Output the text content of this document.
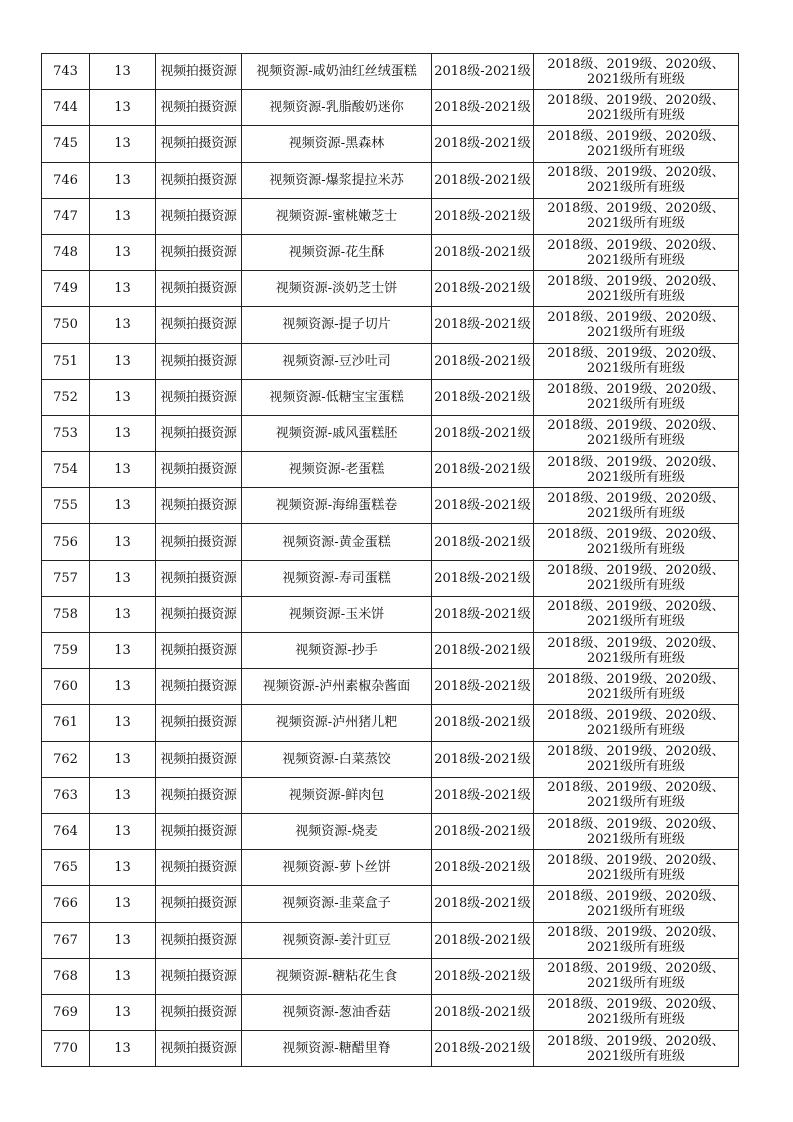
743	13	视频拍摄资源	视频资源-咸奶油红丝绒蛋糕	2018级-2021级	2018级、2019级、2020级、
2021级所有班级

744	13	视频拍摄资源	视频资源-乳脂酸奶迷你	2018级-2021级	2018级、2019级、2020级、
2021级所有班级

745	13	视频拍摄资源	视频资源-黑森林	2018级-2021级	2018级、2019级、2020级、
2021级所有班级

746	13	视频拍摄资源	视频资源-爆浆提拉米苏	2018级-2021级	2018级、2019级、2020级、
2021级所有班级

747	13	视频拍摄资源	视频资源-蜜桃嫩芝士	2018级-2021级	2018级、2019级、2020级、
2021级所有班级

748	13	视频拍摄资源	视频资源-花生酥	2018级-2021级	2018级、2019级、2020级、
2021级所有班级

749	13	视频拍摄资源	视频资源-淡奶芝士饼	2018级-2021级	2018级、2019级、2020级、
2021级所有班级

750	13	视频拍摄资源	视频资源-提子切片	2018级-2021级	2018级、2019级、2020级、
2021级所有班级

751	13	视频拍摄资源	视频资源-豆沙吐司	2018级-2021级	2018级、2019级、2020级、
2021级所有班级

752	13	视频拍摄资源	视频资源-低糖宝宝蛋糕	2018级-2021级	2018级、2019级、2020级、
2021级所有班级

753	13	视频拍摄资源	视频资源-戚风蛋糕胚	2018级-2021级	2018级、2019级、2020级、
2021级所有班级

754	13	视频拍摄资源	视频资源-老蛋糕	2018级-2021级	2018级、2019级、2020级、
2021级所有班级

755	13	视频拍摄资源	视频资源-海绵蛋糕卷	2018级-2021级	2018级、2019级、2020级、
2021级所有班级

756	13	视频拍摄资源	视频资源-黄金蛋糕	2018级-2021级	2018级、2019级、2020级、
2021级所有班级

757	13	视频拍摄资源	视频资源-寿司蛋糕	2018级-2021级	2018级、2019级、2020级、
2021级所有班级

758	13	视频拍摄资源	视频资源-玉米饼	2018级-2021级	2018级、2019级、2020级、
2021级所有班级

759	13	视频拍摄资源	视频资源-抄手	2018级-2021级	2018级、2019级、2020级、
2021级所有班级

760	13	视频拍摄资源	视频资源-泸州素椒杂酱面	2018级-2021级	2018级、2019级、2020级、
2021级所有班级

761	13	视频拍摄资源	视频资源-泸州猪儿粑	2018级-2021级	2018级、2019级、2020级、
2021级所有班级

762	13	视频拍摄资源	视频资源-白菜蒸饺	2018级-2021级	2018级、2019级、2020级、
2021级所有班级

763	13	视频拍摄资源	视频资源-鲜肉包	2018级-2021级	2018级、2019级、2020级、
2021级所有班级

764	13	视频拍摄资源	视频资源-烧麦	2018级-2021级	2018级、2019级、2020级、
2021级所有班级

765	13	视频拍摄资源	视频资源-萝卜丝饼	2018级-2021级	2018级、2019级、2020级、
2021级所有班级

766	13	视频拍摄资源	视频资源-韭菜盒子	2018级-2021级	2018级、2019级、2020级、
2021级所有班级

767	13	视频拍摄资源	视频资源-姜汁豇豆	2018级-2021级	2018级、2019级、2020级、
2021级所有班级

768	13	视频拍摄资源	视频资源-糖粘花生食	2018级-2021级	2018级、2019级、2020级、
2021级所有班级

769	13	视频拍摄资源	视频资源-葱油香菇	2018级-2021级	2018级、2019级、2020级、
2021级所有班级

770	13	视频拍摄资源	视频资源-糖醋里脊	2018级-2021级	2018级、2019级、2020级、
2021级所有班级
